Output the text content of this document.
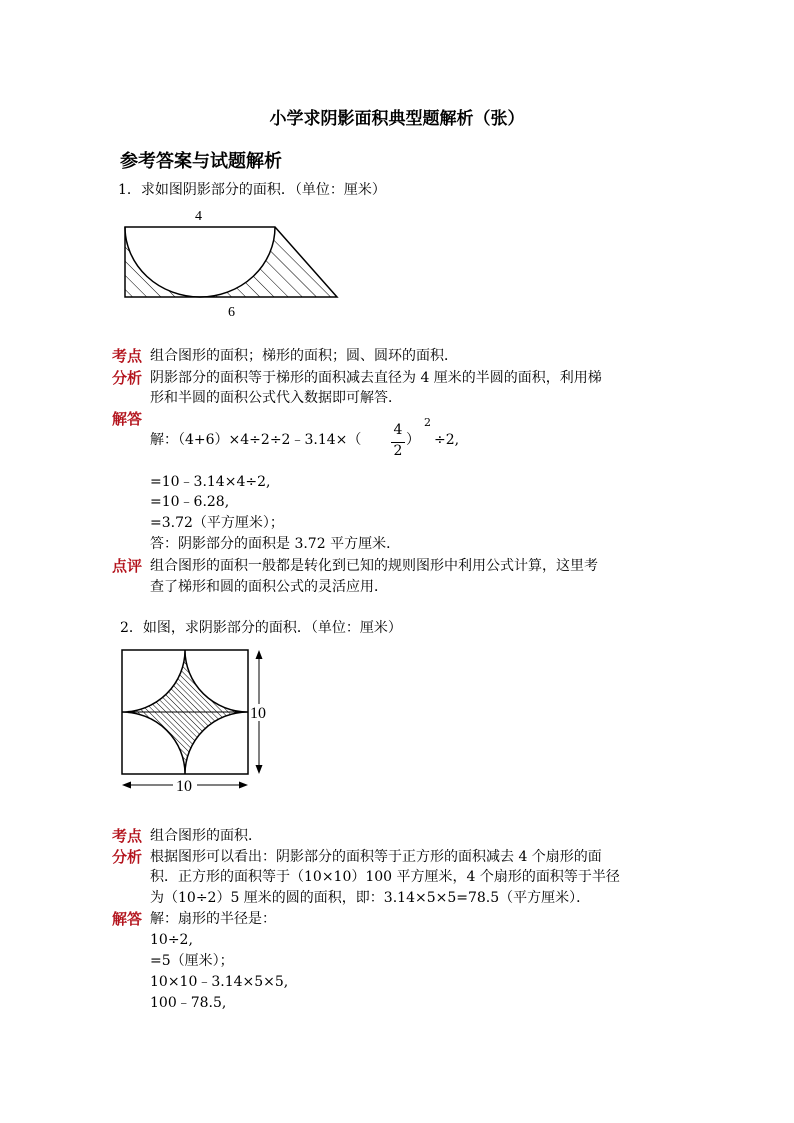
小学求阴影面积典型题解析（张）
参考答案与试题解析
1．求如图阴影部分的面积．（单位：厘米）
4
6
考点 组合图形的面积；梯形的面积；圆、圆环的面积．
分析 阴影部分的面积等于梯形的面积减去直径为 4 厘米的半圆的面积，利用梯
形和半圆的面积公式代入数据即可解答．
解答
解：（4+6）×4÷2÷2﹣3.14×（
4
2
）
2
÷2,
=10﹣3.14×4÷2,
=10﹣6.28,
=3.72（平方厘米）；
答：阴影部分的面积是 3.72 平方厘米．
点评 组合图形的面积一般都是转化到已知的规则图形中利用公式计算，这里考
查了梯形和圆的面积公式的灵活应用．
2．如图，求阴影部分的面积．（单位：厘米）
10
10
考点 组合图形的面积．
分析 根据图形可以看出：阴影部分的面积等于正方形的面积减去 4 个扇形的面
积．正方形的面积等于（10×10）100 平方厘米，4 个扇形的面积等于半径
为（10÷2）5 厘米的圆的面积，即：3.14×5×5=78.5（平方厘米）．
解答 解：扇形的半径是：
10÷2,
=5（厘米）；
10×10﹣3.14×5×5,
100﹣78.5,
